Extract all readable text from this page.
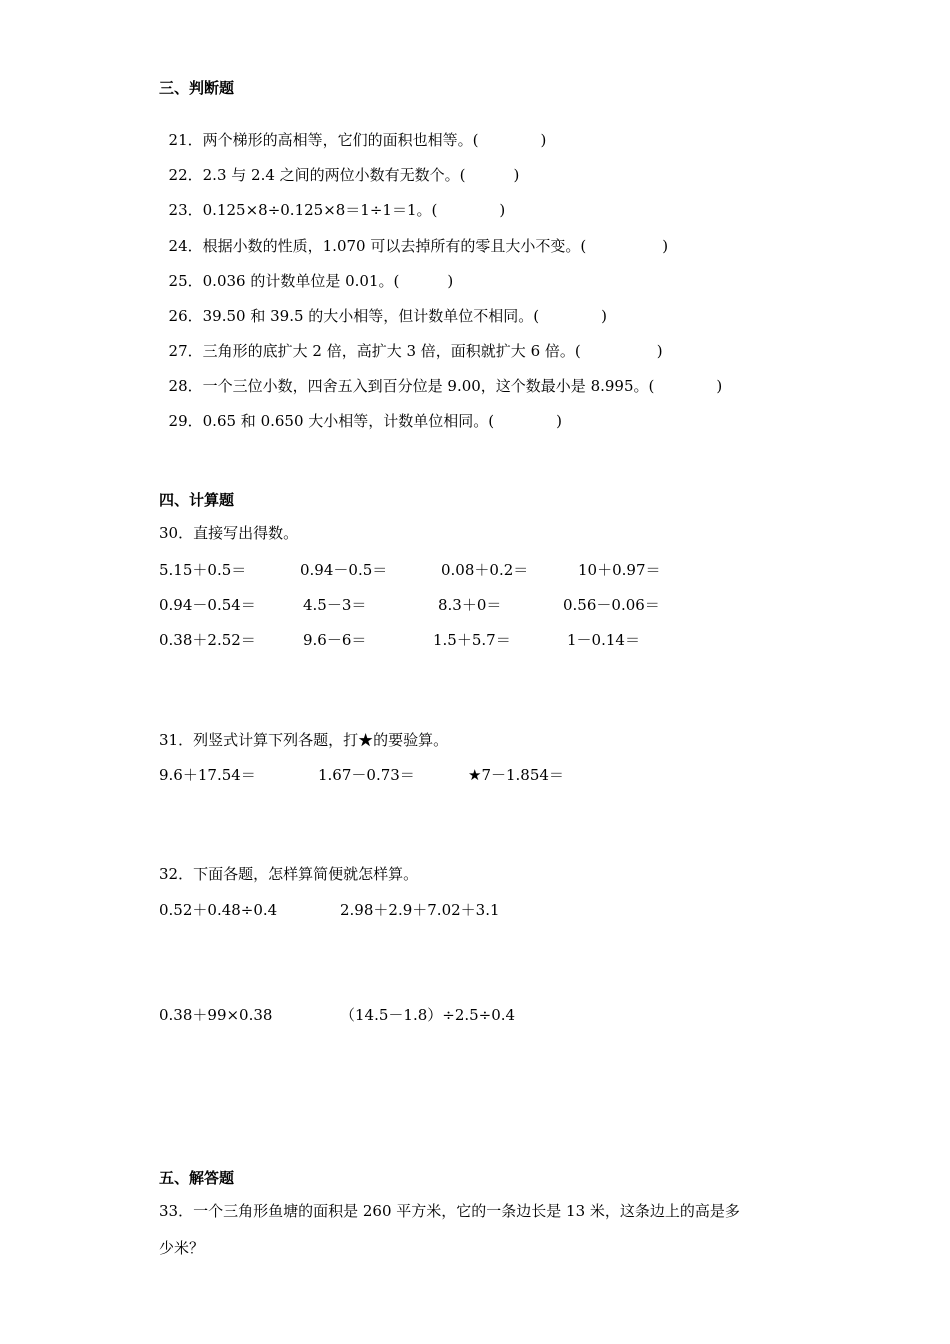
三、判断题

21．两个梯形的高相等，它们的面积也相等。(	)

22．2.3 与 2.4 之间的两位小数有无数个。(	)

23．0.125×8÷0.125×8＝1÷1＝1。(	)

24．根据小数的性质，1.070 可以去掉所有的零且大小不变。(	)

25．0.036 的计数单位是 0.01。(	)

26．39.50 和 39.5 的大小相等，但计数单位不相同。(	)

27．三角形的底扩大 2 倍，高扩大 3 倍，面积就扩大 6 倍。(	)

28．一个三位小数，四舍五入到百分位是 9.00，这个数最小是 8.995。(	)

29．0.65 和 0.650 大小相等，计数单位相同。(	)

四、计算题
30．直接写出得数。
5.15＋0.5＝	0.94－0.5＝	0.08＋0.2＝	10＋0.97＝
0.94－0.54＝	4.5－3＝	8.3＋0＝	0.56－0.06＝
0.38＋2.52＝	9.6－6＝	1.5＋5.7＝	1－0.14＝
31．列竖式计算下列各题，打★的要验算。
9.6＋17.54＝	1.67－0.73＝	★7－1.854＝
32．下面各题，怎样算简便就怎样算。
0.52＋0.48÷0.4	2.98＋2.9＋7.02＋3.1
0.38＋99×0.38	（14.5－1.8）÷2.5÷0.4
五、解答题
33．一个三角形鱼塘的面积是 260 平方米，它的一条边长是 13 米，这条边上的高是多
少米？
